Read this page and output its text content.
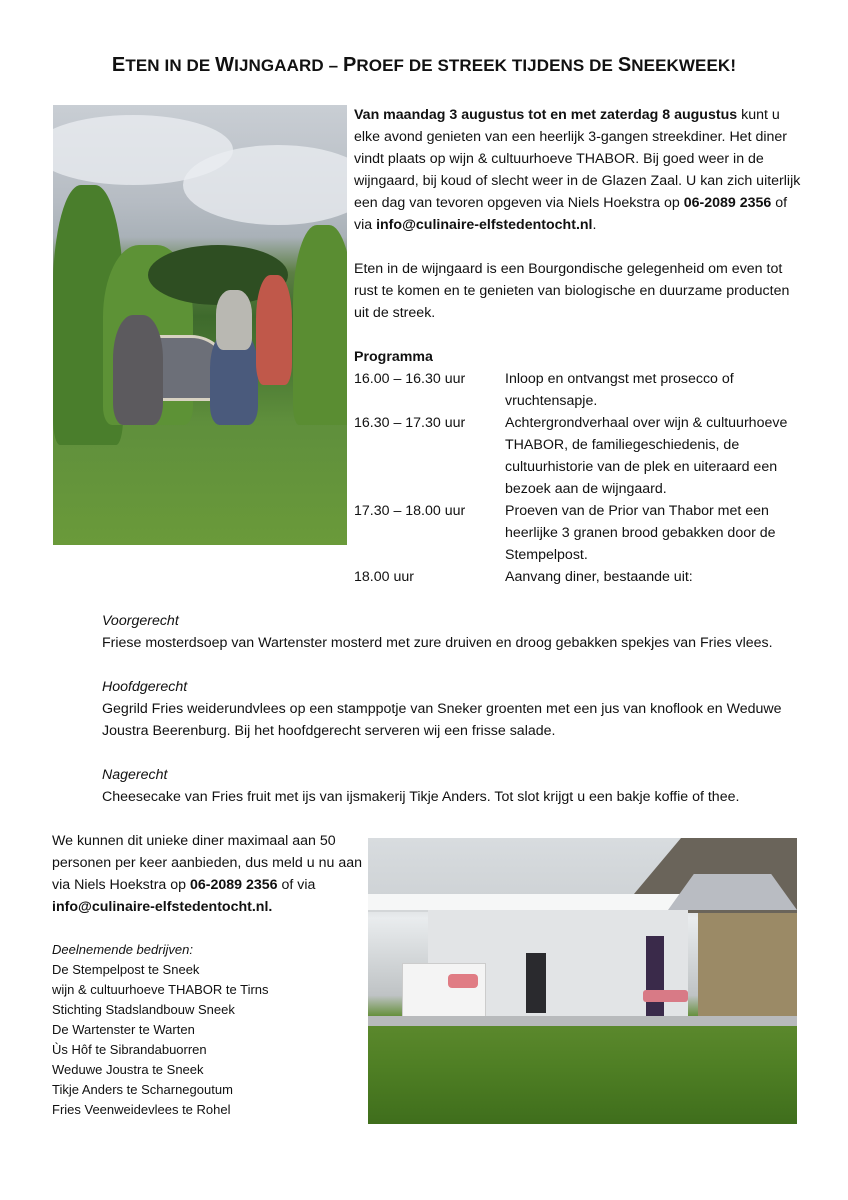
ETEN IN DE WIJNGAARD – PROEF DE STREEK TIJDENS DE SNEEKWEEK!

Van maandag 3 augustus tot en met zaterdag 8 augustus kunt u elke avond genieten van een heerlijk 3-gangen streekdiner. Het diner vindt plaats op wijn & cultuurhoeve THABOR. Bij goed weer in de wijngaard, bij koud of slecht weer in de Glazen Zaal. U kan zich uiterlijk een dag van tevoren opgeven via Niels Hoekstra op 06-2089 2356 of via info@culinaire-elfstedentocht.nl.

Eten in de wijngaard is een Bourgondische gelegenheid om even tot rust te komen en te genieten van biologische en duurzame producten uit de streek.
Programma
16.00 – 16.30 uur	Inloop en ontvangst met prosecco of vruchtensapje.
16.30 – 17.30 uur	Achtergrondverhaal over wijn & cultuurhoeve THABOR, de familiegeschiedenis, de cultuurhistorie van de plek en uiteraard een bezoek aan de wijngaard.
17.30 – 18.00 uur	Proeven van de Prior van Thabor met een heerlijke 3 granen brood gebakken door de Stempelpost.
18.00 uur	Aanvang diner, bestaande uit:
Voorgerecht
Friese mosterdsoep van Wartenster mosterd met zure druiven en droog gebakken spekjes van Fries vlees.
Hoofdgerecht
Gegrild Fries weiderundvlees op een stamppotje van Sneker groenten met een jus van knoflook en Weduwe Joustra Beerenburg. Bij het hoofdgerecht serveren wij een frisse salade.
Nagerecht
Cheesecake van Fries fruit met ijs van ijsmakerij Tikje Anders. Tot slot krijgt u een bakje koffie of thee.
We kunnen dit unieke diner maximaal aan 50 personen per keer aanbieden, dus meld u nu aan via Niels Hoekstra op 06-2089 2356 of via
info@culinaire-elfstedentocht.nl.
Deelnemende bedrijven:
De Stempelpost te Sneek
wijn & cultuurhoeve THABOR te Tirns
Stichting Stadslandbouw Sneek
De Wartenster te Warten
Ùs Hôf te Sibrandabuorren
Weduwe Joustra te Sneek
Tikje Anders te Scharnegoutum
Fries Veenweidevlees te Rohel
